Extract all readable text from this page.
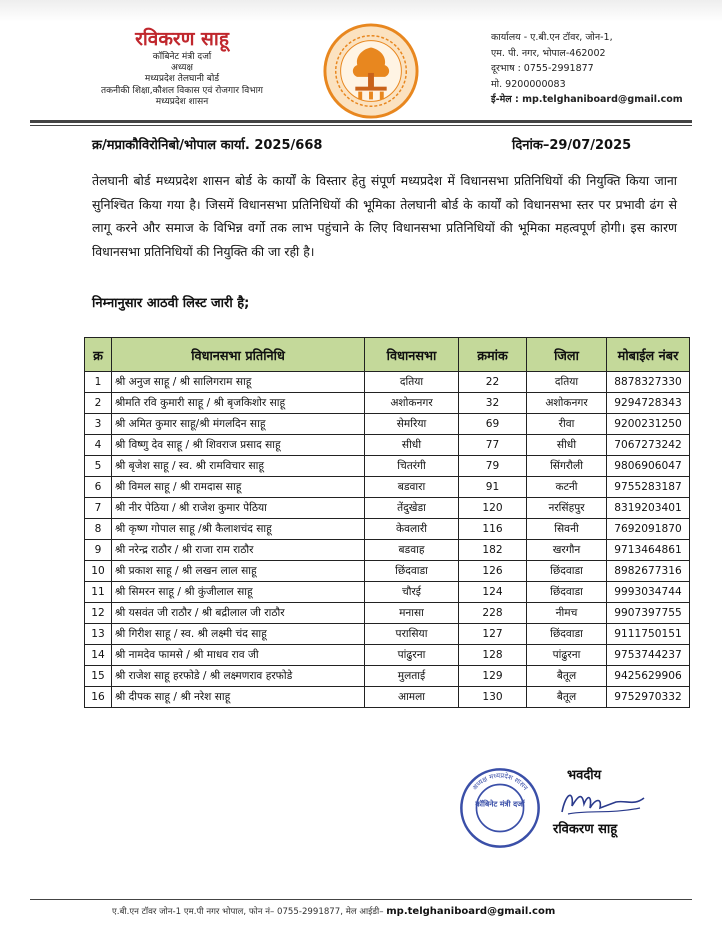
रविकरण साहू
कॉबिनेट मंत्री दर्जा
अध्यक्ष
मध्यप्रदेश तेलघानी बोर्ड
तकनीकी शिक्षा,कौशल विकास एवं रोजगार विभाग
मध्यप्रदेश शासन
कार्यालय - ए.बी.एन टॉवर, जोन-1,
एम. पी. नगर, भोपाल-462002
दूरभाष : 0755-2991877
मो. 9200000083
ई-मेल : mp.telghaniboard@gmail.com
क्र/मप्राकौविरोनिबो/भोपाल कार्या. 2025/668	दिनांक–29/07/2025
तेलघानी बोर्ड मध्यप्रदेश शासन बोर्ड के कार्यों के विस्तार हेतु संपूर्ण मध्यप्रदेश में विधानसभा प्रतिनिधियों की नियुक्ति किया जाना सुनिश्चित किया गया है। जिसमें विधानसभा प्रतिनिधियों की भूमिका तेलघानी बोर्ड के कार्यों को विधानसभा स्तर पर प्रभावी ढंग से लागू करने और समाज के विभिन्न वर्गो तक लाभ पहुंचाने के लिए विधानसभा प्रतिनिधियों की भूमिका महत्वपूर्ण होगी। इस कारण विधानसभा प्रतिनिधियों की नियुक्ति की जा रही है।
निम्नानुसार आठवी लिस्ट जारी है;
क्र	विधानसभा प्रतिनिधि	विधानसभा	क्रमांक	जिला	मोबाईल नंबर
1	श्री अनुज साहू / श्री सालिगराम साहू	दतिया	22	दतिया	8878327330
2	श्रीमति रवि कुमारी साहू / श्री बृजकिशोर साहू	अशोकनगर	32	अशोकनगर	9294728343
3	श्री अमित कुमार साहू/श्री मंगलदिन साहू	सेमरिया	69	रीवा	9200231250
4	श्री विष्णु देव साहू / श्री शिवराज प्रसाद साहू	सीधी	77	सीधी	7067273242
5	श्री बृजेश साहू / स्व. श्री रामविचार साहू	चितरंगी	79	सिंगरौली	9806906047
6	श्री विमल साहू / श्री रामदास साहू	बडवारा	91	कटनी	9755283187
7	श्री नीर पेठिया / श्री राजेश कुमार पेठिया	तेंदुखेडा	120	नरसिंहपुर	8319203401
8	श्री कृष्ण गोपाल साहू /श्री कैलाशचंद साहू	केवलारी	116	सिवनी	7692091870
9	श्री नरेन्द्र राठौर / श्री राजा राम राठौर	बडवाह	182	खरगौन	9713464861
10	श्री प्रकाश साहू / श्री लखन लाल साहू	छिंदवाडा	126	छिंदवाडा	8982677316
11	श्री सिमरन साहू / श्री कुंजीलाल साहू	चौरई	124	छिंदवाडा	9993034744
12	श्री यसवंत जी राठौर / श्री बद्रीलाल जी राठौर	मनासा	228	नीमच	9907397755
13	श्री गिरीश साहू / स्व. श्री लक्ष्मी चंद साहू	परासिया	127	छिंदवाडा	9111750151
14	श्री नामदेव फामसे / श्री माधव राव जी	पांढुरना	128	पांढुरना	9753744237
15	श्री राजेश साहू हरफोडे / श्री लक्ष्मणराव हरफोडे	मुलताई	129	बैतूल	9425629906
16	श्री दीपक साहू / श्री नरेश साहू	आमला	130	बैतूल	9752970332
कॉबिनेट मंत्री दर्जा
अध्यक्ष मध्यप्रदेश शासन
भवदीय
रविकरण साहू
ए.बी.एन टॉवर जोन-1 एम.पी नगर भोपाल, फोन नं– 0755-2991877, मेल आईडी– mp.telghaniboard@gmail.com
